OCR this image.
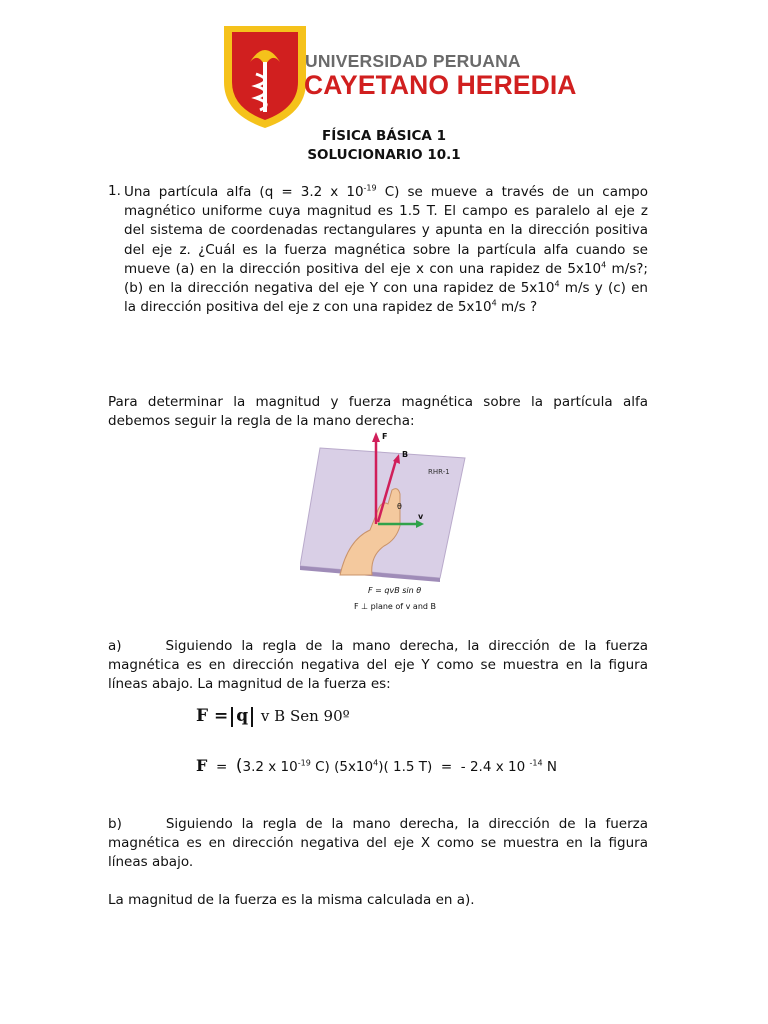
UNIVERSIDAD PERUANA
CAYETANO HEREDIA
FÍSICA BÁSICA 1
SOLUCIONARIO 10.1
1. Una partícula alfa (q = 3.2 x $10^{-19}$ C) se mueve a través de un campo magnético uniforme cuya magnitud es 1.5 T. El campo es paralelo al eje z del sistema de coordenadas rectangulares y apunta en la dirección positiva del eje z. ¿Cuál es la fuerza magnética sobre la partícula alfa cuando se mueve (a) en la dirección positiva del eje x con una rapidez de $5x10^4$ m/s?; (b) en la dirección negativa del eje Y con una rapidez de $5x10^4$ m/s y (c) en la dirección positiva del eje z con una rapidez de $5x10^4$ m/s ?
Para determinar la magnitud y fuerza magnética sobre la partícula alfa debemos seguir la regla de la mano derecha:
F
B
RHR-1
θ
v
F = qvB sin θ
F ⊥ plane of v and B
a)	Siguiendo la regla de la mano derecha, la dirección de la fuerza magnética es en dirección negativa del eje Y como se muestra en la figura líneas abajo. La magnitud de la fuerza es:
F = q v B Sen 90º
F = (3.2 x $10^{-19}$ C) $(5x10^4)$( 1.5 T)  =  - 2.4 x 10 $^{-14}$ N
b)	Siguiendo la regla de la mano derecha, la dirección de la fuerza magnética es en dirección negativa del eje X como se muestra en la figura líneas abajo.
La magnitud de la fuerza es la misma calculada en a).
